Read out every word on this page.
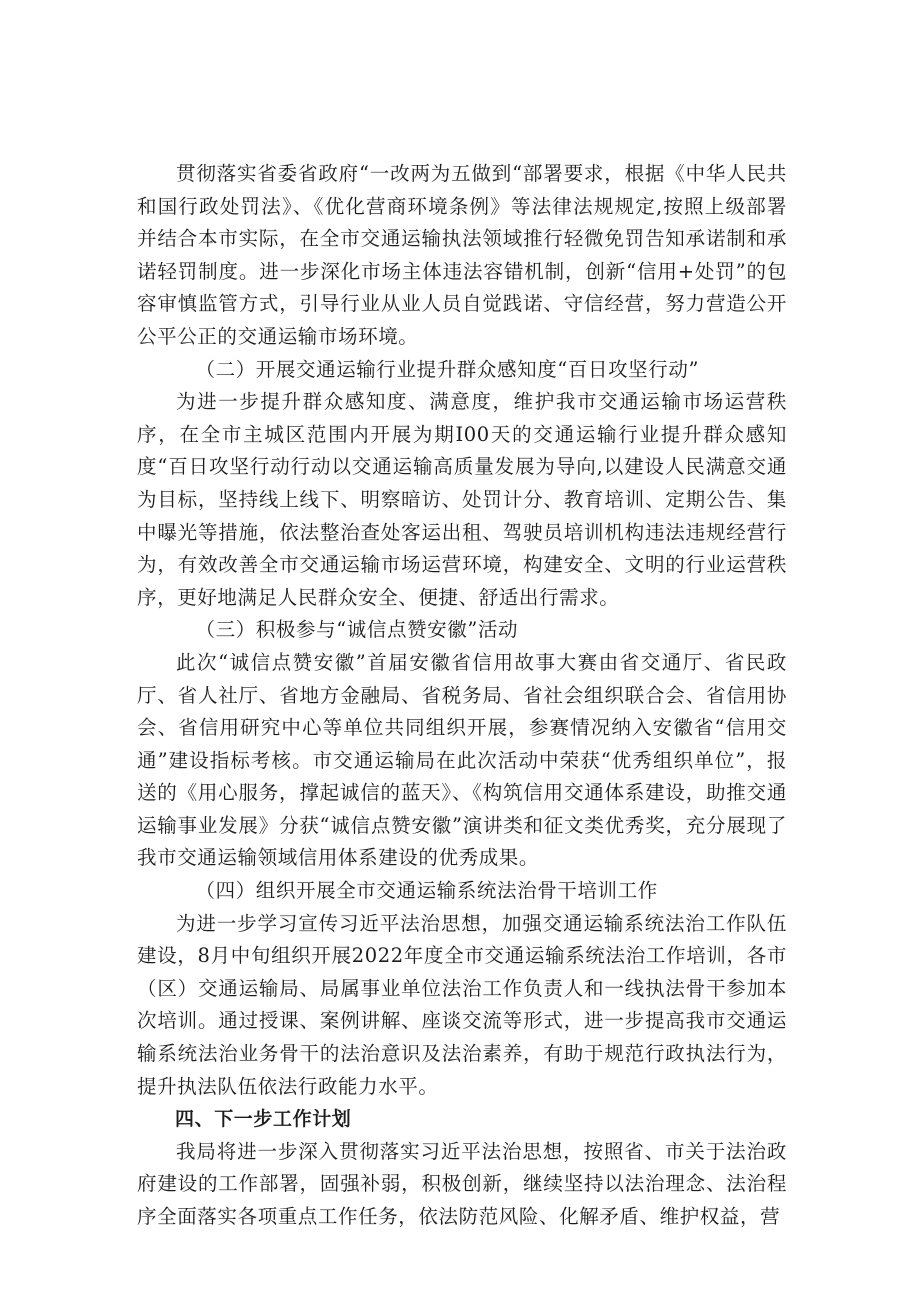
贯彻落实省委省政府“一改两为五做到“部署要求，根据《中华人民共和国行政处罚法》、《优化营商环境条例》等法律法规规定,按照上级部署并结合本市实际，在全市交通运输执法领域推行轻微免罚告知承诺制和承诺轻罚制度。进一步深化市场主体违法容错机制，创新“信用+处罚”的包容审慎监管方式，引导行业从业人员自觉践诺、守信经营，努力营造公开公平公正的交通运输市场环境。

（二）开展交通运输行业提升群众感知度“百日攻坚行动”

为进一步提升群众感知度、满意度，维护我市交通运输市场运营秩序，在全市主城区范围内开展为期I00天的交通运输行业提升群众感知度“百日攻坚行动行动以交通运输高质量发展为导向,以建设人民满意交通为目标，坚持线上线下、明察暗访、处罚计分、教育培训、定期公告、集中曝光等措施，依法整治查处客运出租、驾驶员培训机构违法违规经营行为，有效改善全市交通运输市场运营环境，构建安全、文明的行业运营秩序，更好地满足人民群众安全、便捷、舒适出行需求。

（三）积极参与“诚信点赞安徽”活动

此次“诚信点赞安徽”首届安徽省信用故事大赛由省交通厅、省民政厅、省人社厅、省地方金融局、省税务局、省社会组织联合会、省信用协会、省信用研究中心等单位共同组织开展，参赛情况纳入安徽省“信用交通”建设指标考核。市交通运输局在此次活动中荣获“优秀组织单位”，报送的《用心服务，撑起诚信的蓝天》、《构筑信用交通体系建设，助推交通运输事业发展》分获“诚信点赞安徽”演讲类和征文类优秀奖，充分展现了我市交通运输领域信用体系建设的优秀成果。

（四）组织开展全市交通运输系统法治骨干培训工作

为进一步学习宣传习近平法治思想，加强交通运输系统法治工作队伍建设，8月中旬组织开展2022年度全市交通运输系统法治工作培训，各市（区）交通运输局、局属事业单位法治工作负责人和一线执法骨干参加本次培训。通过授课、案例讲解、座谈交流等形式，进一步提高我市交通运输系统法治业务骨干的法治意识及法治素养，有助于规范行政执法行为，提升执法队伍依法行政能力水平。

四、下一步工作计划

我局将进一步深入贯彻落实习近平法治思想，按照省、市关于法治政府建设的工作部署，固强补弱，积极创新，继续坚持以法治理念、法治程序全面落实各项重点工作任务，依法防范风险、化解矛盾、维护权益，营
